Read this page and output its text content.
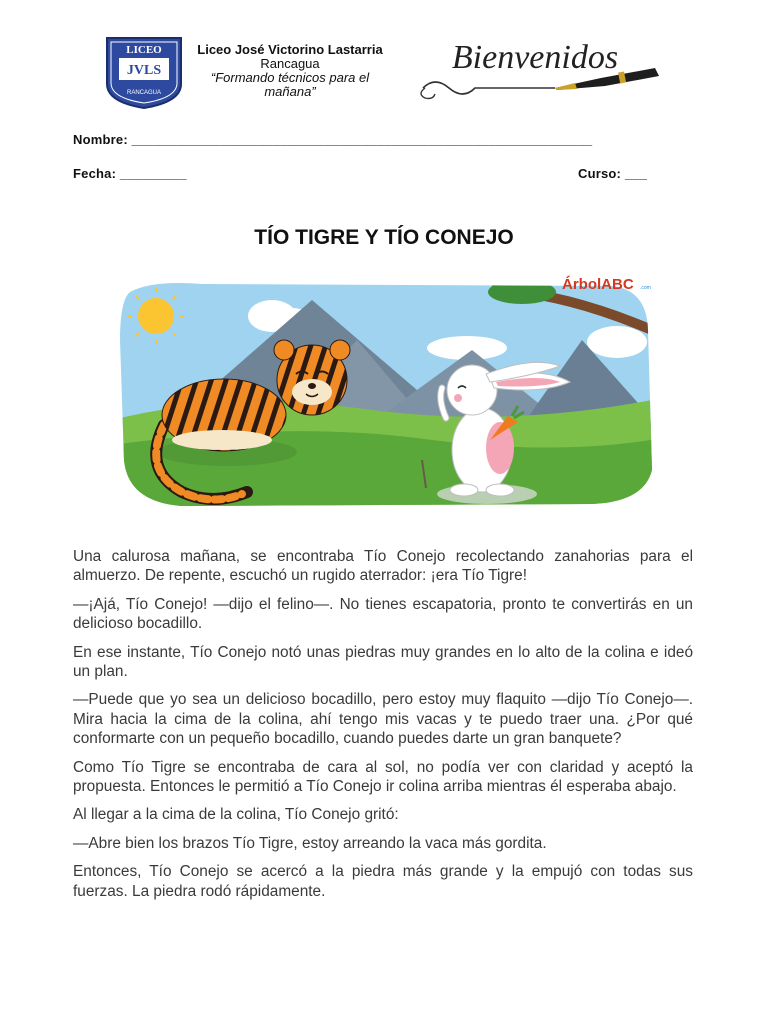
LICEO
JVLS
RANCAGUA
Liceo José Victorino Lastarria
Rancagua
“Formando técnicos para el mañana”
Bienvenidos
Nombre: ______________________________________________________________
Fecha: _________	Curso: ___
TÍO TIGRE Y TÍO CONEJO
ÁrbolABC .com

Una calurosa mañana, se encontraba Tío Conejo recolectando zanahorias para el almuerzo. De repente, escuchó un rugido aterrador: ¡era Tío Tigre!

—¡Ajá, Tío Conejo! —dijo el felino—. No tienes escapatoria, pronto te convertirás en un delicioso bocadillo.

En ese instante, Tío Conejo notó unas piedras muy grandes en lo alto de la colina e ideó un plan.

—Puede que yo sea un delicioso bocadillo, pero estoy muy flaquito —dijo Tío Conejo—. Mira hacia la cima de la colina, ahí tengo mis vacas y te puedo traer una. ¿Por qué conformarte con un pequeño bocadillo, cuando puedes darte un gran banquete?

Como Tío Tigre se encontraba de cara al sol, no podía ver con claridad y aceptó la propuesta. Entonces le permitió a Tío Conejo ir colina arriba mientras él esperaba abajo.

Al llegar a la cima de la colina, Tío Conejo gritó:

—Abre bien los brazos Tío Tigre, estoy arreando la vaca más gordita.

Entonces, Tío Conejo se acercó a la piedra más grande y la empujó con todas sus fuerzas. La piedra rodó rápidamente.
